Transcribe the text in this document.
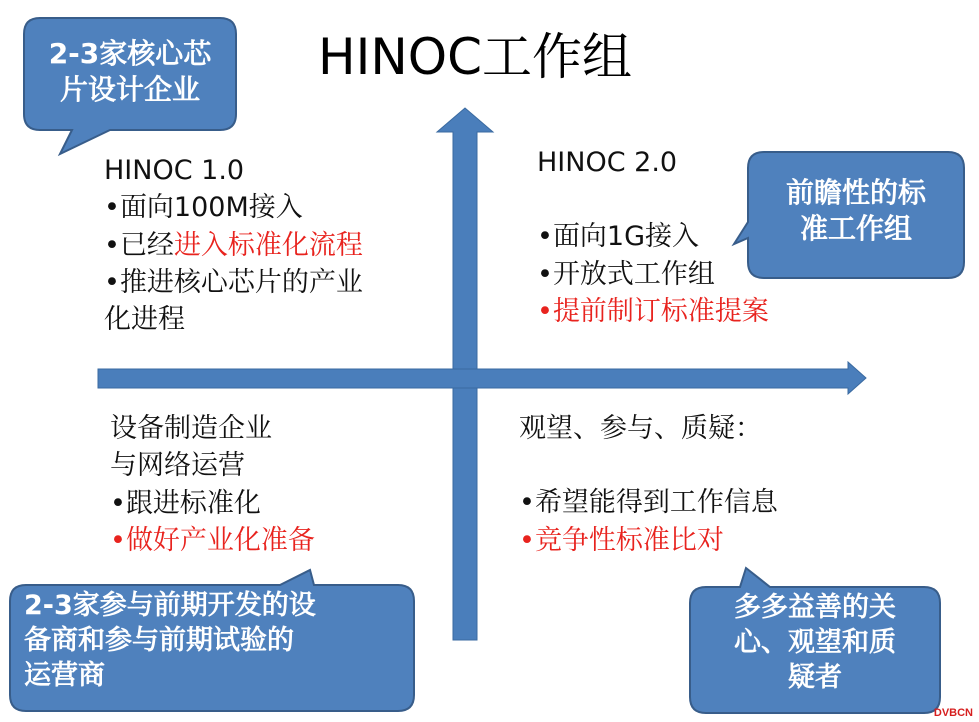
HINOC工作组
HINOC 1.0
•面向100M接入
•已经进入标准化流程
•推进核心芯片的产业
化进程
HINOC 2.0
•面向1G接入
•开放式工作组
•提前制订标准提案
设备制造企业
与网络运营
•跟进标准化
•做好产业化准备
观望、参与、质疑：
•希望能得到工作信息
•竞争性标准比对
2-3家核心芯
片设计企业
前瞻性的标
准工作组
2-3家参与前期开发的设
备商和参与前期试验的
运营商
多多益善的关
心、观望和质
疑者
DVBCN
